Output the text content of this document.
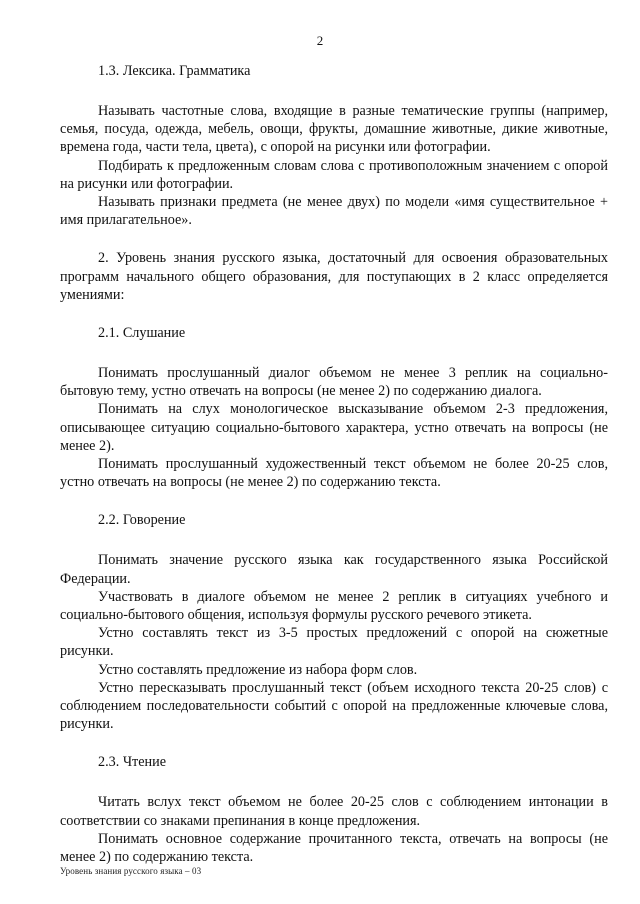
2
1.3. Лексика. Грамматика

Называть частотные слова, входящие в разные тематические группы (например, семья, посуда, одежда, мебель, овощи, фрукты, домашние животные, дикие животные, времена года, части тела, цвета), с опорой на рисунки или фотографии.

Подбирать к предложенным словам слова с противоположным значением с опорой на рисунки или фотографии.

Называть признаки предмета (не менее двух) по модели «имя существительное + имя прилагательное».

2. Уровень знания русского языка, достаточный для освоения образовательных программ начального общего образования, для поступающих в 2 класс определяется умениями:

2.1. Слушание

Понимать прослушанный диалог объемом не менее 3 реплик на социально-бытовую тему, устно отвечать на вопросы (не менее 2) по содержанию диалога.

Понимать на слух монологическое высказывание объемом 2-3 предложения, описывающее ситуацию социально-бытового характера, устно отвечать на вопросы (не менее 2).

Понимать прослушанный художественный текст объемом не более 20-25 слов, устно отвечать на вопросы (не менее 2) по содержанию текста.

2.2. Говорение

Понимать значение русского языка как государственного языка Российской Федерации.

Участвовать в диалоге объемом не менее 2 реплик в ситуациях учебного и социально-бытового общения, используя формулы русского речевого этикета.

Устно составлять текст из 3-5 простых предложений с опорой на сюжетные рисунки.

Устно составлять предложение из набора форм слов.

Устно пересказывать прослушанный текст (объем исходного текста 20-25 слов) с соблюдением последовательности событий с опорой на предложенные ключевые слова, рисунки.

2.3. Чтение

Читать вслух текст объемом не более 20-25 слов с соблюдением интонации в соответствии со знаками препинания в конце предложения.

Понимать основное содержание прочитанного текста, отвечать на вопросы (не менее 2) по содержанию текста.

Уровень знания русского языка – 03
